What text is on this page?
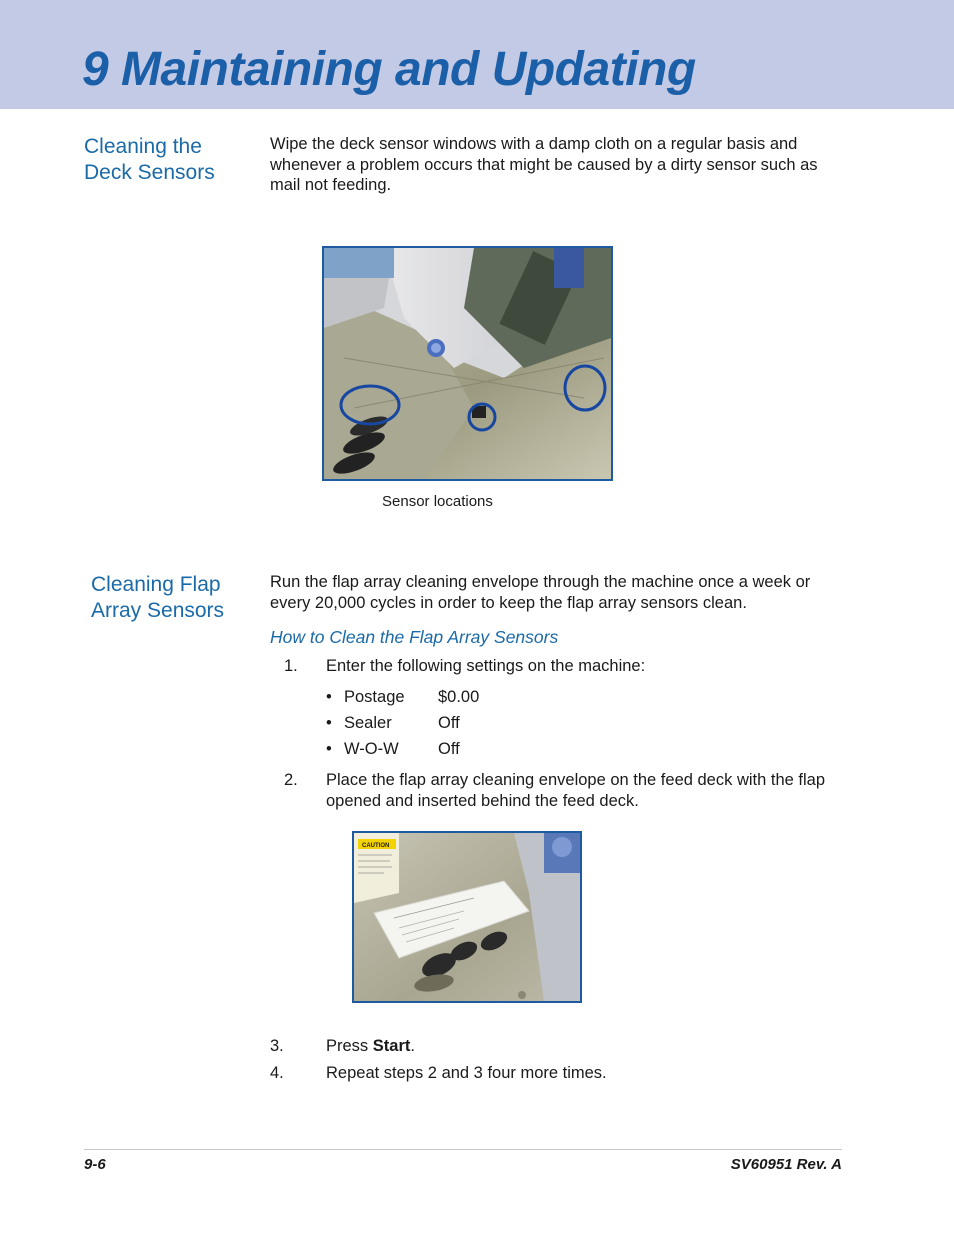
9 Maintaining and Updating
Cleaning the Deck Sensors

Wipe the deck sensor windows with a damp cloth on a regular basis and whenever a problem occurs that might be caused by a dirty sensor such as mail not feeding.

Sensor locations

Cleaning Flap Array Sensors

Run the flap array cleaning envelope through the machine once a week or every 20,000 cycles in order to keep the flap array sensors clean.

How to Clean the Flap Array Sensors
1. Enter the following settings on the machine:
• Postage $0.00
• Sealer	Off
• W-O-W Off
2. Place the flap array cleaning envelope on the feed deck with the flap opened and inserted behind the feed deck.
CAUTION
3.	Press Start.
4.	Repeat steps 2 and 3 four more times.

9-6	SV60951 Rev. A
